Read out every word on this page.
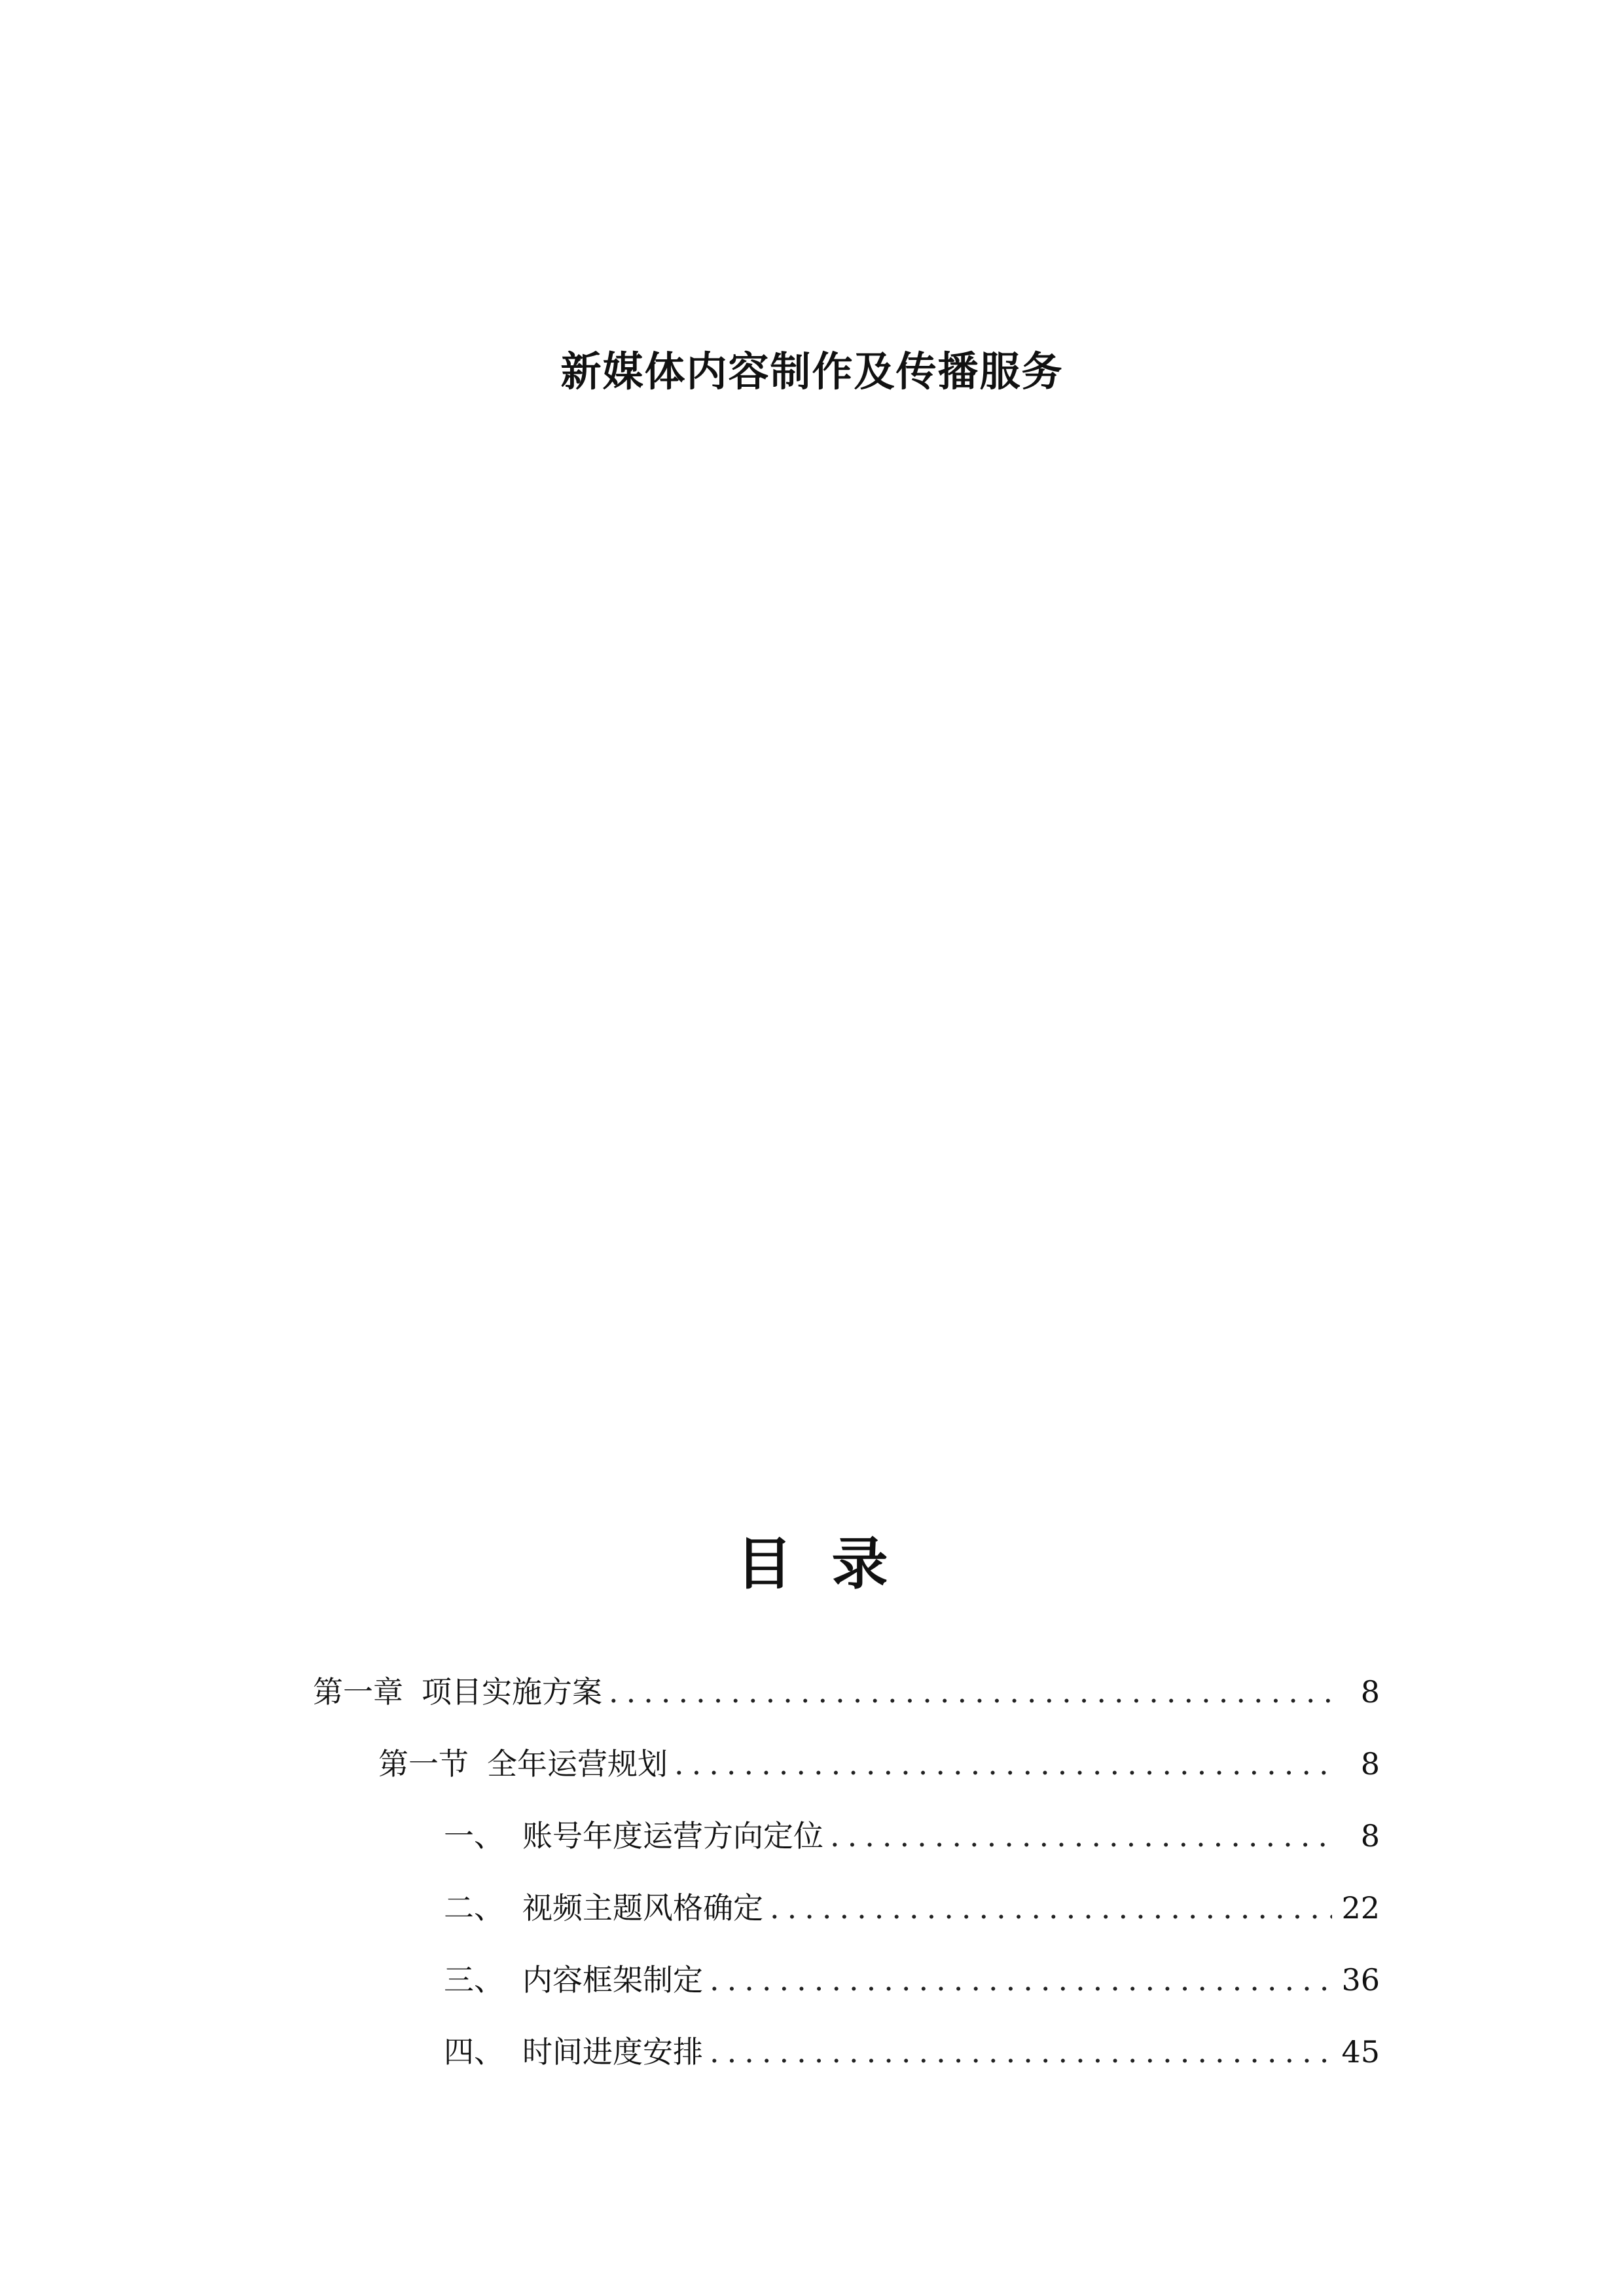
新媒体内容制作及传播服务
目 录
第一章 项目实施方案 .....	8
第一节 全年运营规划 .....	8
一、 账号年度运营方向定位 .....	8
二、 视频主题风格确定 .....	22
三、 内容框架制定 .....	36
四、 时间进度安排 .....	45
